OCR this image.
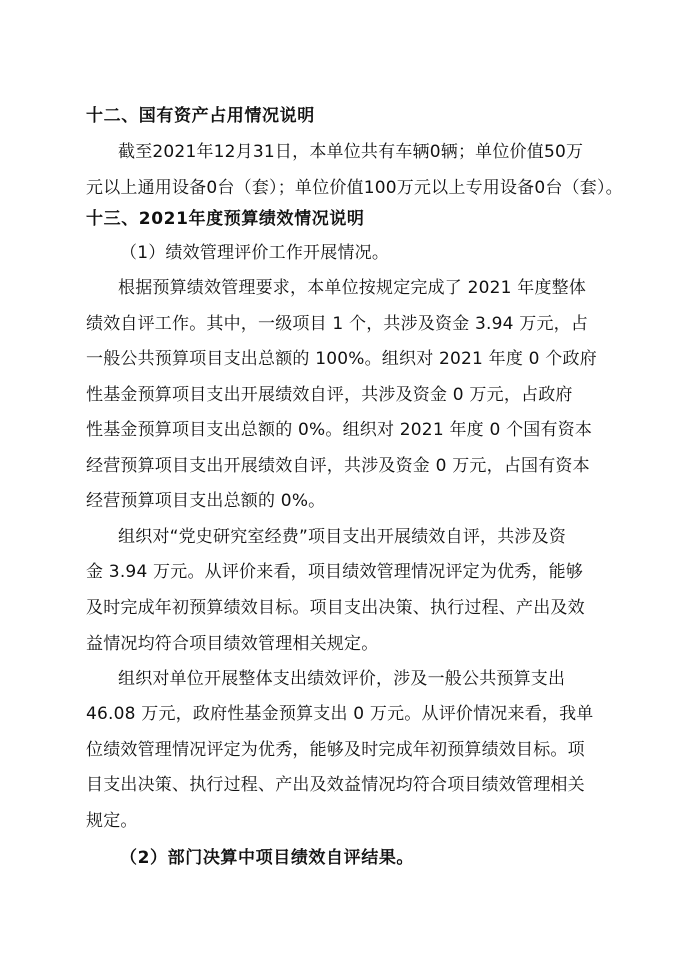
十二、国有资产占用情况说明
截至2021年12月31日，本单位共有车辆0辆；单位价值50万
元以上通用设备0台（套）；单位价值100万元以上专用设备0台（套）。
十三、2021年度预算绩效情况说明
（1）绩效管理评价工作开展情况。
根据预算绩效管理要求，本单位按规定完成了 2021 年度整体
绩效自评工作。其中，一级项目 1 个，共涉及资金 3.94 万元，占
一般公共预算项目支出总额的 100%。组织对 2021 年度 0 个政府
性基金预算项目支出开展绩效自评，共涉及资金 0 万元，占政府
性基金预算项目支出总额的 0%。组织对 2021 年度 0 个国有资本
经营预算项目支出开展绩效自评，共涉及资金 0 万元，占国有资本
经营预算项目支出总额的 0%。
组织对“党史研究室经费”项目支出开展绩效自评，共涉及资
金 3.94 万元。从评价来看，项目绩效管理情况评定为优秀，能够
及时完成年初预算绩效目标。项目支出决策、执行过程、产出及效
益情况均符合项目绩效管理相关规定。
组织对单位开展整体支出绩效评价，涉及一般公共预算支出
46.08 万元，政府性基金预算支出 0 万元。从评价情况来看，我单
位绩效管理情况评定为优秀，能够及时完成年初预算绩效目标。项
目支出决策、执行过程、产出及效益情况均符合项目绩效管理相关
规定。
（2）部门决算中项目绩效自评结果。
